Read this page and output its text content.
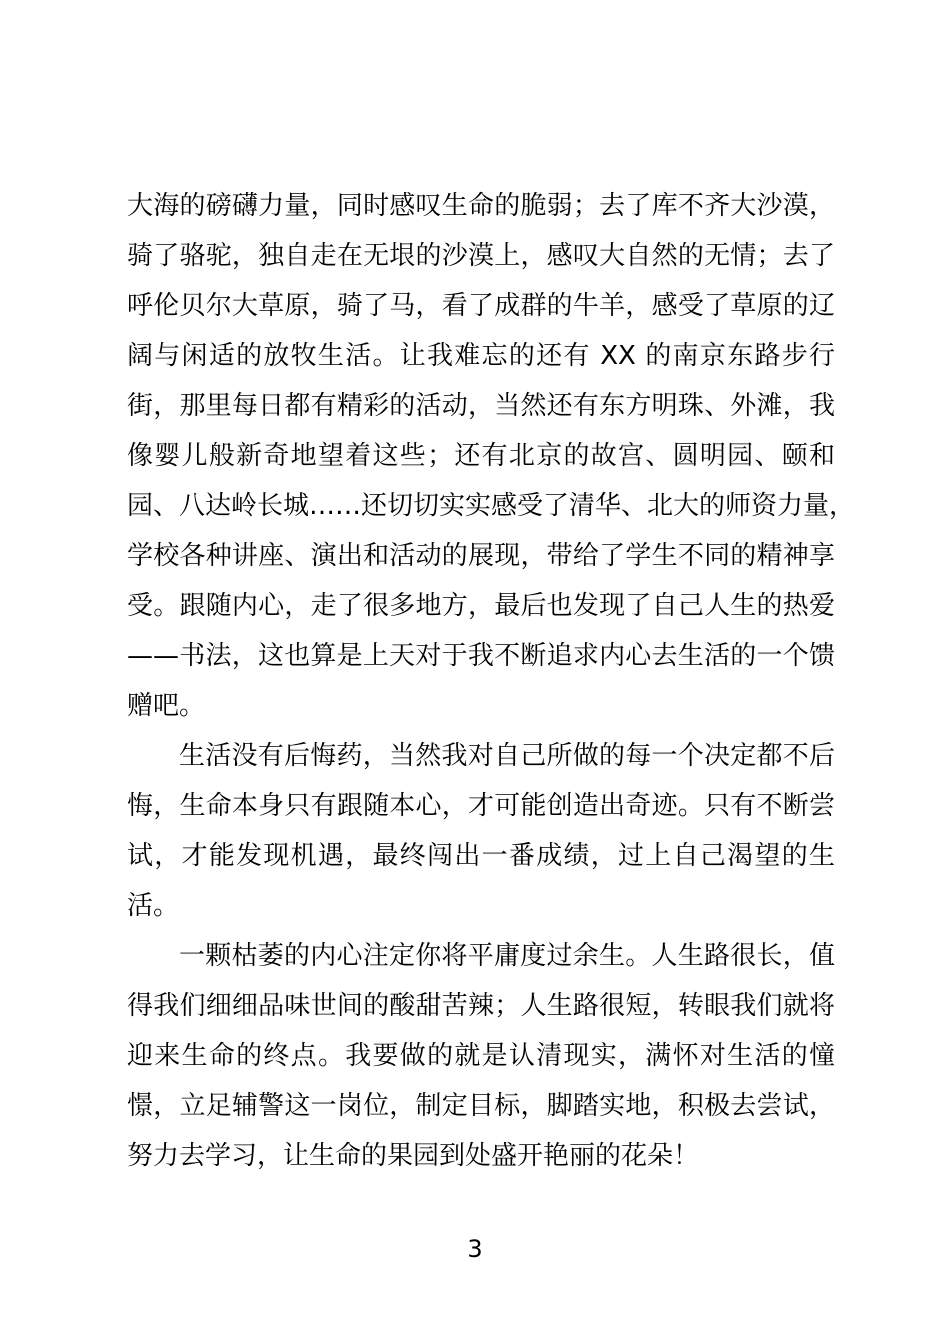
大海的磅礴力量，同时感叹生命的脆弱；去了库不齐大沙漠，
骑了骆驼，独自走在无垠的沙漠上，感叹大自然的无情；去了
呼伦贝尔大草原，骑了马，看了成群的牛羊，感受了草原的辽
阔与闲适的放牧生活。让我难忘的还有 XX 的南京东路步行
街，那里每日都有精彩的活动，当然还有东方明珠、外滩，我
像婴儿般新奇地望着这些；还有北京的故宫、圆明园、颐和
园、八达岭长城……还切切实实感受了清华、北大的师资力量，
学校各种讲座、演出和活动的展现，带给了学生不同的精神享
受。跟随内心，走了很多地方，最后也发现了自己人生的热爱
——书法，这也算是上天对于我不断追求内心去生活的一个馈
赠吧。
生活没有后悔药，当然我对自己所做的每一个决定都不后
悔，生命本身只有跟随本心，才可能创造出奇迹。只有不断尝
试，才能发现机遇，最终闯出一番成绩，过上自己渴望的生
活。
一颗枯萎的内心注定你将平庸度过余生。人生路很长，值
得我们细细品味世间的酸甜苦辣；人生路很短，转眼我们就将
迎来生命的终点。我要做的就是认清现实，满怀对生活的憧
憬，立足辅警这一岗位，制定目标，脚踏实地，积极去尝试，
努力去学习，让生命的果园到处盛开艳丽的花朵！
3
